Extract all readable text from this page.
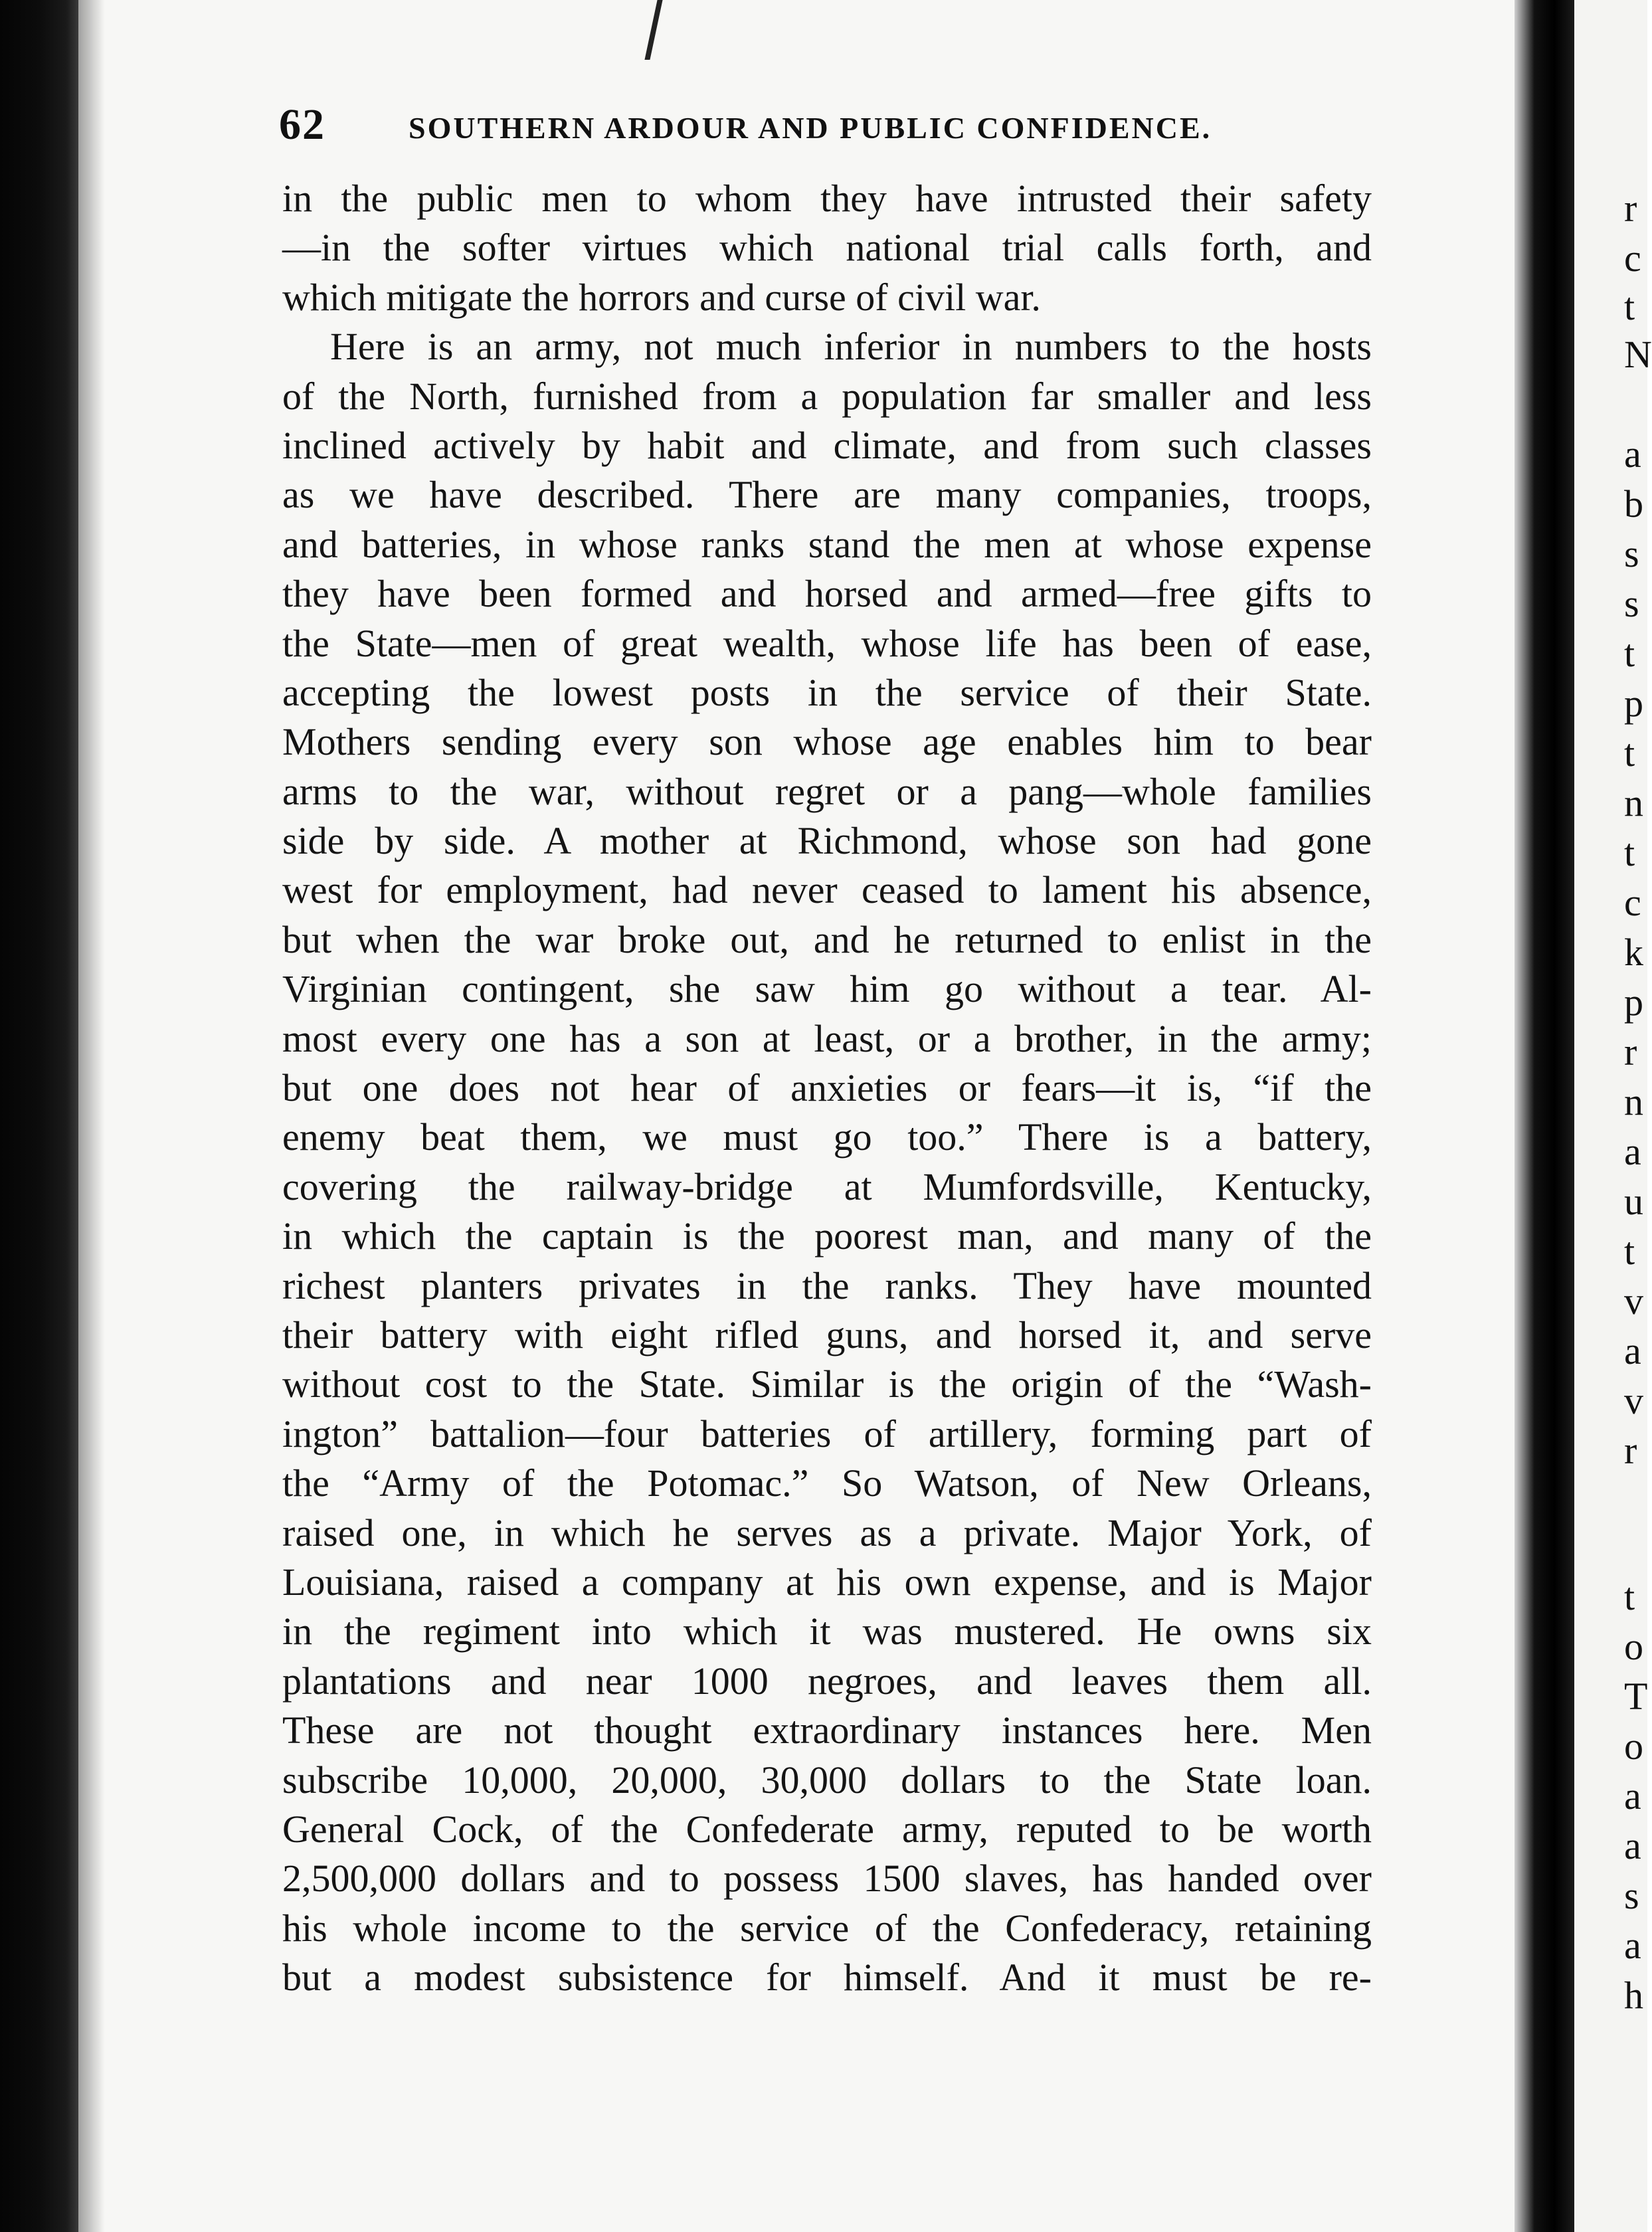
62	SOUTHERN ARDOUR AND PUBLIC CONFIDENCE.
in the public men to whom they have intrusted their safety
—in the softer virtues which national trial calls forth, and
which mitigate the horrors and curse of civil war.
Here is an army, not much inferior in numbers to the hosts
of the North, furnished from a population far smaller and less
inclined actively by habit and climate, and from such classes
as we have described. There are many companies, troops,
and batteries, in whose ranks stand the men at whose expense
they have been formed and horsed and armed—free gifts to
the State—men of great wealth, whose life has been of ease,
accepting the lowest posts in the service of their State.
Mothers sending every son whose age enables him to bear
arms to the war, without regret or a pang—whole families
side by side. A mother at Richmond, whose son had gone
west for employment, had never ceased to lament his absence,
but when the war broke out, and he returned to enlist in the
Virginian contingent, she saw him go without a tear. Al-
most every one has a son at least, or a brother, in the army;
but one does not hear of anxieties or fears—it is, “if the
enemy beat them, we must go too.” There is a battery,
covering the railway-bridge at Mumfordsville, Kentucky,
in which the captain is the poorest man, and many of the
richest planters privates in the ranks. They have mounted
their battery with eight rifled guns, and horsed it, and serve
without cost to the State. Similar is the origin of the “Wash-
ington” battalion—four batteries of artillery, forming part of
the “Army of the Potomac.” So Watson, of New Orleans,
raised one, in which he serves as a private. Major York, of
Louisiana, raised a company at his own expense, and is Major
in the regiment into which it was mustered. He owns six
plantations and near 1000 negroes, and leaves them all.
These are not thought extraordinary instances here. Men
subscribe 10,000, 20,000, 30,000 dollars to the State loan.
General Cock, of the Confederate army, reputed to be worth
2,500,000 dollars and to possess 1500 slaves, has handed over
his whole income to the service of the Confederacy, retaining
but a modest subsistence for himself. And it must be re-
r
c
t
N
a
b
s
s
t
p
t
n
t
c
k
p
r
n
a
u
t
v
a
v
r
t
o
T
o
a
a
s
a
h
